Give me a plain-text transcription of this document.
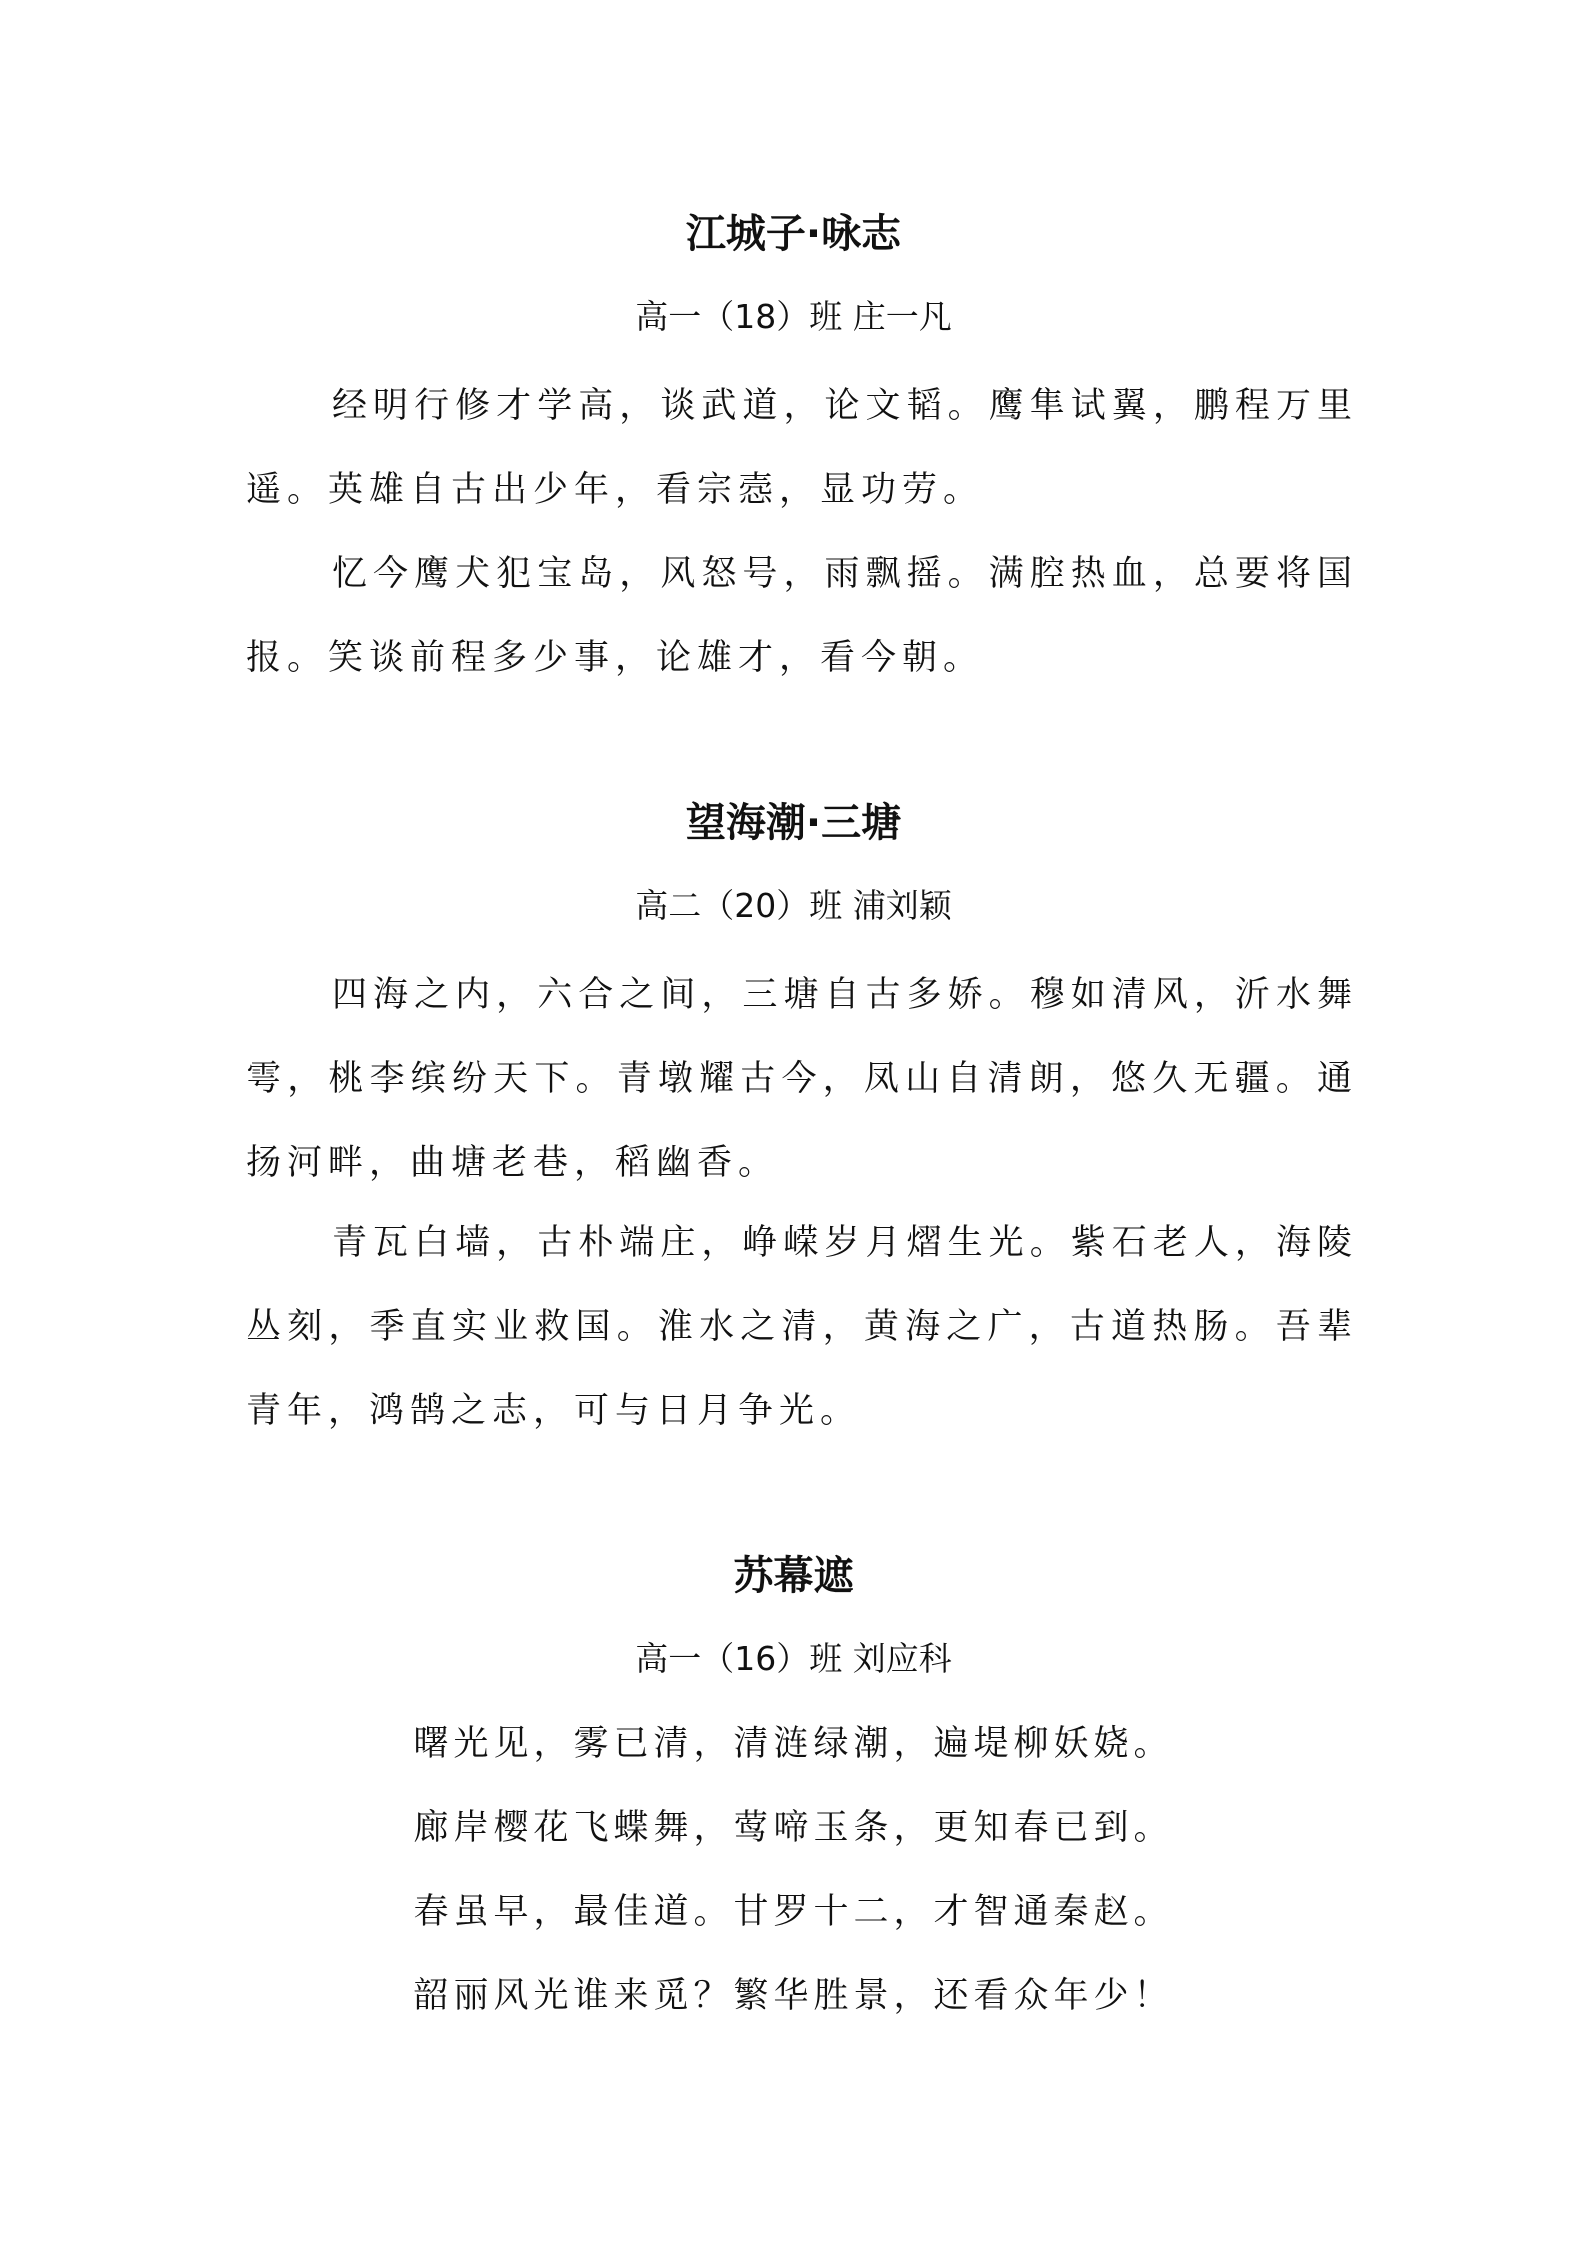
江城子·咏志

高一（18）班 庄一凡

经明行修才学高，谈武道，论文韬。鹰隼试翼，鹏程万里遥。英雄自古出少年，看宗悫，显功劳。

忆今鹰犬犯宝岛，风怒号，雨飘摇。满腔热血，总要将国报。笑谈前程多少事，论雄才，看今朝。

望海潮·三塘

高二（20）班 浦刘颖

四海之内，六合之间，三塘自古多娇。穆如清风，沂水舞雩，桃李缤纷天下。青墩耀古今，凤山自清朗，悠久无疆。通扬河畔，曲塘老巷，稻幽香。

青瓦白墙，古朴端庄，峥嵘岁月熠生光。紫石老人，海陵丛刻，季直实业救国。淮水之清，黄海之广，古道热肠。吾辈青年，鸿鹄之志，可与日月争光。

苏幕遮

高一（16）班 刘应科

曙光见，雾已清，清涟绿潮，遍堤柳妖娆。

廊岸樱花飞蝶舞，莺啼玉条，更知春已到。

春虽早，最佳道。甘罗十二，才智通秦赵。

韶丽风光谁来觅？繁华胜景，还看众年少！
